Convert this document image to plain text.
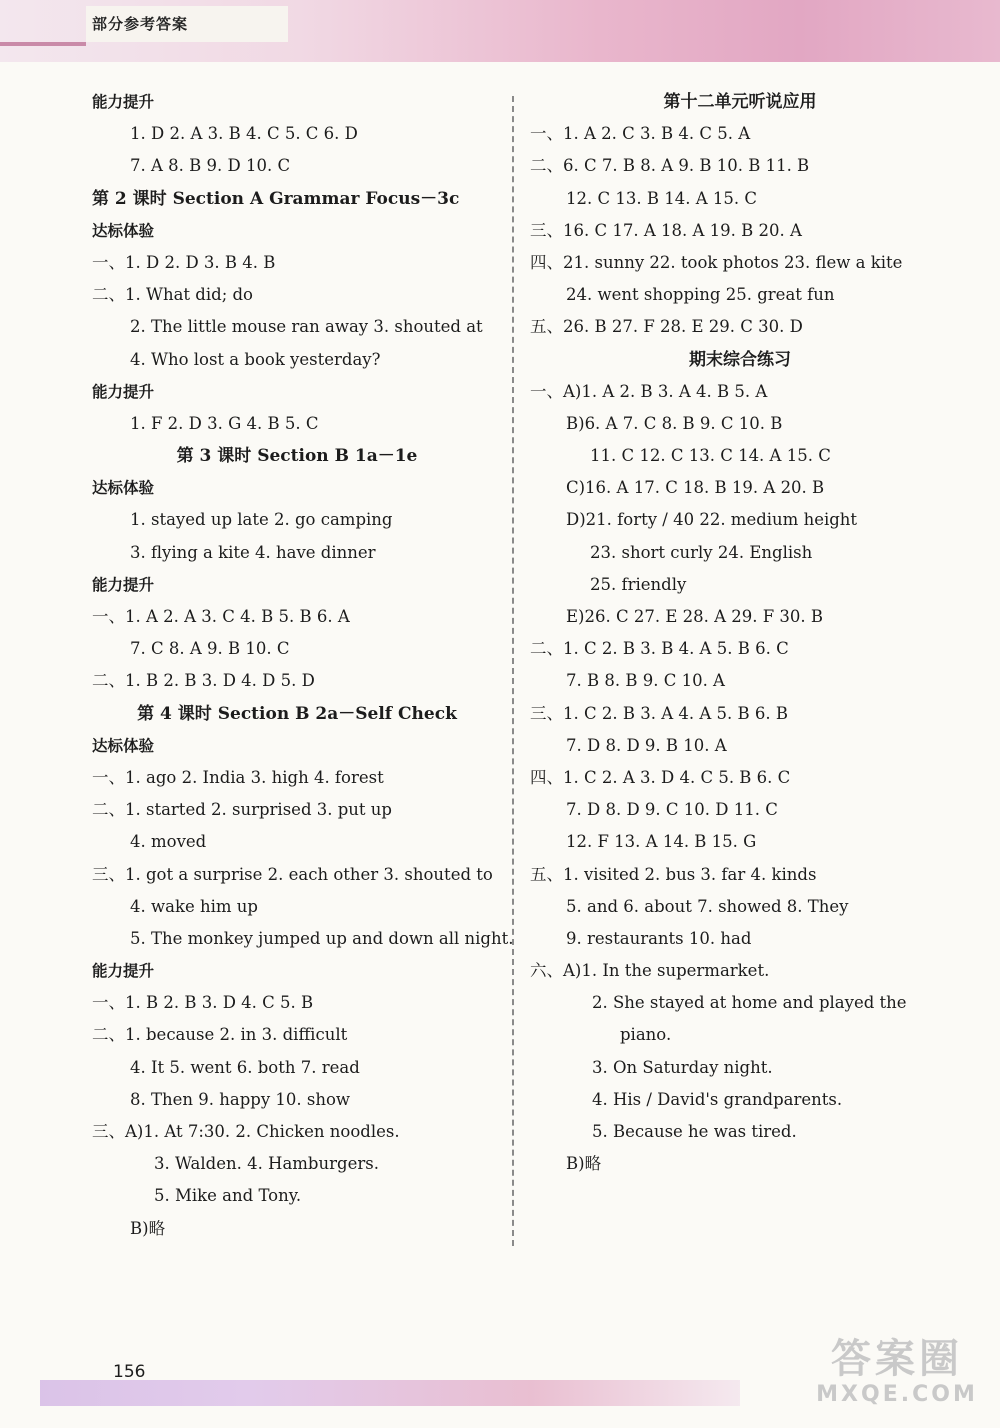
部分参考答案
能力提升
1. D 2. A 3. B 4. C 5. C 6. D
7. A 8. B 9. D 10. C
第 2 课时 Section A Grammar Focus－3c
达标体验
一、1. D 2. D 3. B 4. B
二、1. What did; do
2. The little mouse ran away 3. shouted at
4. Who lost a book yesterday?
能力提升
1. F 2. D 3. G 4. B 5. C
第 3 课时 Section B 1a－1e
达标体验
1. stayed up late 2. go camping
3. flying a kite 4. have dinner
能力提升
一、1. A 2. A 3. C 4. B 5. B 6. A
7. C 8. A 9. B 10. C
二、1. B 2. B 3. D 4. D 5. D
第 4 课时 Section B 2a－Self Check
达标体验
一、1. ago 2. India 3. high 4. forest
二、1. started 2. surprised 3. put up
4. moved
三、1. got a surprise 2. each other 3. shouted to
4. wake him up
5. The monkey jumped up and down all night.
能力提升
一、1. B 2. B 3. D 4. C 5. B
二、1. because 2. in 3. difficult
4. It 5. went 6. both 7. read
8. Then 9. happy 10. show
三、A)1. At 7:30. 2. Chicken noodles.
3. Walden. 4. Hamburgers.
5. Mike and Tony.
B)略
第十二单元听说应用
一、1. A 2. C 3. B 4. C 5. A
二、6. C 7. B 8. A 9. B 10. B 11. B
12. C 13. B 14. A 15. C
三、16. C 17. A 18. A 19. B 20. A
四、21. sunny 22. took photos 23. flew a kite
24. went shopping 25. great fun
五、26. B 27. F 28. E 29. C 30. D
期末综合练习
一、A)1. A 2. B 3. A 4. B 5. A
B)6. A 7. C 8. B 9. C 10. B
11. C 12. C 13. C 14. A 15. C
C)16. A 17. C 18. B 19. A 20. B
D)21. forty / 40 22. medium height
23. short curly 24. English
25. friendly
E)26. C 27. E 28. A 29. F 30. B
二、1. C 2. B 3. B 4. A 5. B 6. C
7. B 8. B 9. C 10. A
三、1. C 2. B 3. A 4. A 5. B 6. B
7. D 8. D 9. B 10. A
四、1. C 2. A 3. D 4. C 5. B 6. C
7. D 8. D 9. C 10. D 11. C
12. F 13. A 14. B 15. G
五、1. visited 2. bus 3. far 4. kinds
5. and 6. about 7. showed 8. They
9. restaurants 10. had
六、A)1. In the supermarket.
2. She stayed at home and played the
piano.
3. On Saturday night.
4. His / David's grandparents.
5. Because he was tired.
B)略
156	答案圈
MXQE.COM
